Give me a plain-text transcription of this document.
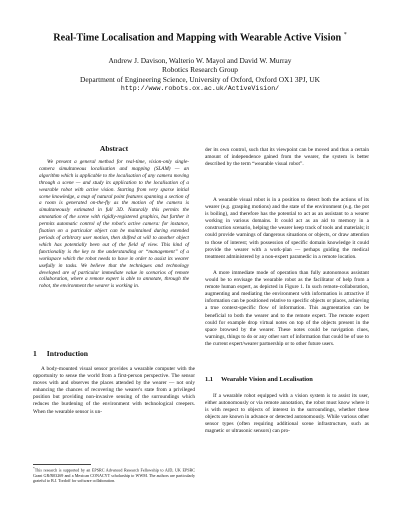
Real-Time Localisation and Mapping with Wearable Active Vision *
Andrew J. Davison, Walterio W. Mayol and David W. Murray
Robotics Research Group
Department of Engineering Science, University of Oxford, Oxford OX1 3PJ, UK
http://www.robots.ox.ac.uk/ActiveVision/
Abstract

We present a general method for real-time, vision-only single-camera simultaneous localisation and mapping (SLAM) — an algorithm which is applicable to the localisation of any camera moving through a scene — and study its application to the localisation of a wearable robot with active vision. Starting from very sparse initial scene knowledge, a map of natural point features spanning a section of a room is generated on-the-fly as the motion of the camera is simultaneously estimated in full 3D. Naturally this permits the annotation of the scene with rigidly-registered graphics, but further it permits automatic control of the robot's active camera: for instance, fixation on a particular object can be maintained during extended periods of arbitrary user motion, then shifted at will to another object which has potentially been out of the field of view. This kind of functionality is the key to the understanding or “management” of a workspace which the robot needs to have in order to assist its wearer usefully in tasks. We believe that the techniques and technology developed are of particular immediate value in scenarios of remote collaboration, where a remote expert is able to annotate, through the robot, the environment the wearer is working in.

1 Introduction

A body-mounted visual sensor provides a wearable computer with the opportunity to sense the world from a first-person perspective. The sensor moves with and observes the places attended by the wearer — not only enhancing the chances of recovering the wearer's state from a privileged position but providing non-invasive sensing of the surroundings which reduces the burdening of the environment with technological creepers. When the wearable sensor is un-

*This research is supported by an EPSRC Advanced Research Fellowship to AJD, UK EPSRC Grant GR/R03269 and a Mexican CONACYT scholarship to WWM. The authors are particularly grateful to B.J. Tordoff for software collaboration.

der its own control, such that its viewpoint can be moved and thus a certain amount of independence gained from the wearer, the system is better described by the term “wearable visual robot”.

A wearable visual robot is in a position to detect both the actions of its wearer (e.g. grasping motions) and the state of the environment (e.g. the pot is boiling), and therefore has the potential to act as an assistant to a wearer working in various domains. It could act as an aid to memory in a construction scenario, helping the wearer keep track of tools and materials; it could provide warnings of dangerous situations or objects, or draw attention to those of interest; with possession of specific domain knowledge it could provide the wearer with a work-plan — perhaps guiding the medical treatment administered by a non-expert paramedic in a remote location.

A more immediate mode of operation than fully autonomous assistant would be to envisage the wearable robot as the facilitator of help from a remote human expert, as depicted in Figure 1. In such remote-collaboration, augmenting and mediating the environment with information is attractive if information can be positioned relative to specific objects or places, achieving a true context-specific flow of information. This augmentation can be beneficial to both the wearer and to the remote expert. The remote expert could for example drop virtual notes on top of the objects present in the space browsed by the wearer. These notes could be navigation clues, warnings, things to do or any other sort of information that could be of use to the current expert/wearer partnership or to other future users.

1.1 Wearable Vision and Localisation

If a wearable robot equipped with a vision system is to assist its user, either autonomously or via remote annotation, the robot must know where it is with respect to objects of interest in the surroundings, whether these objects are known in advance or detected autonomously. While various other sensor types (often requiring additional scene infrastructure, such as magnetic or ultrasonic sensors) can pro-
